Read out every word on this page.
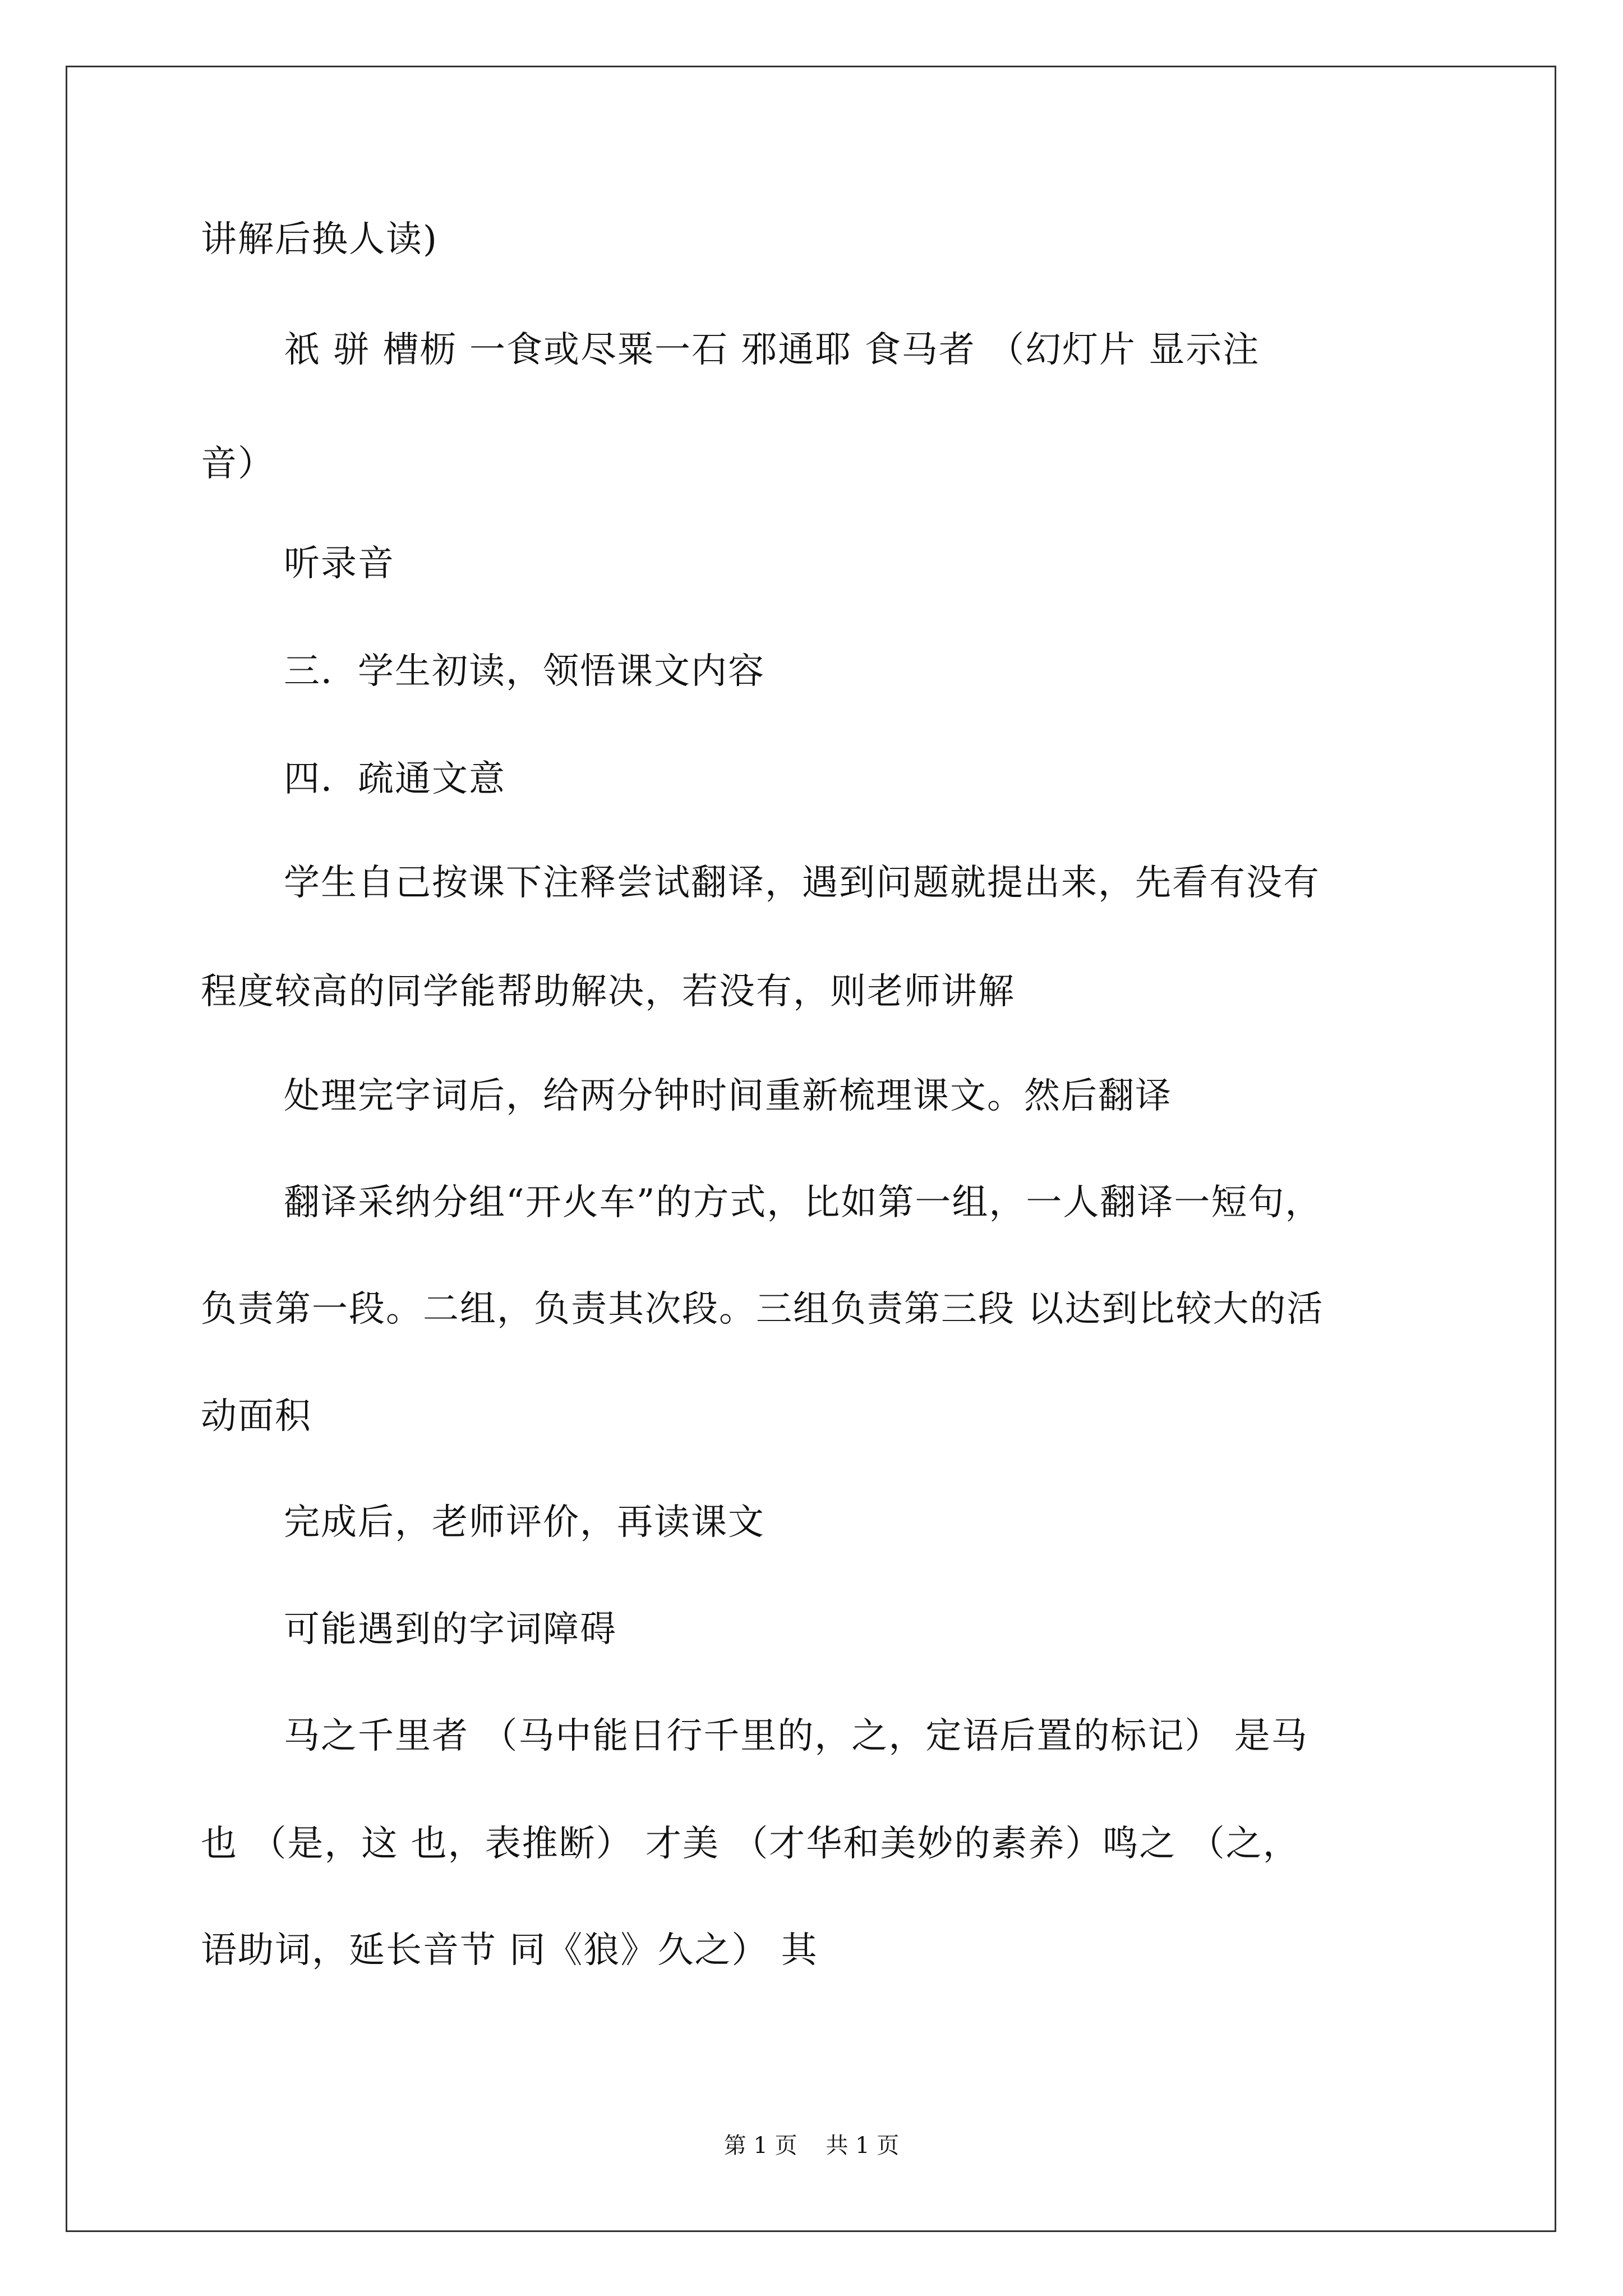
讲解后换人读)
祇 骈 槽枥 一食或尽粟一石 邪通耶 食马者 （幻灯片 显示注
音）
听录音
三．学生初读，领悟课文内容
四．疏通文意
学生自己按课下注释尝试翻译，遇到问题就提出来，先看有没有
程度较高的同学能帮助解决，若没有，则老师讲解
处理完字词后，给两分钟时间重新梳理课文。然后翻译
翻译采纳分组“开火车”的方式，比如第一组，一人翻译一短句，
负责第一段。二组，负责其次段。三组负责第三段 以达到比较大的活
动面积
完成后，老师评价，再读课文
可能遇到的字词障碍
马之千里者 （马中能日行千里的，之，定语后置的标记） 是马
也 （是，这 也，表推断） 才美 （才华和美妙的素养）鸣之 （之，
语助词，延长音节 同《狼》久之） 其
第 1 页    共 1 页
